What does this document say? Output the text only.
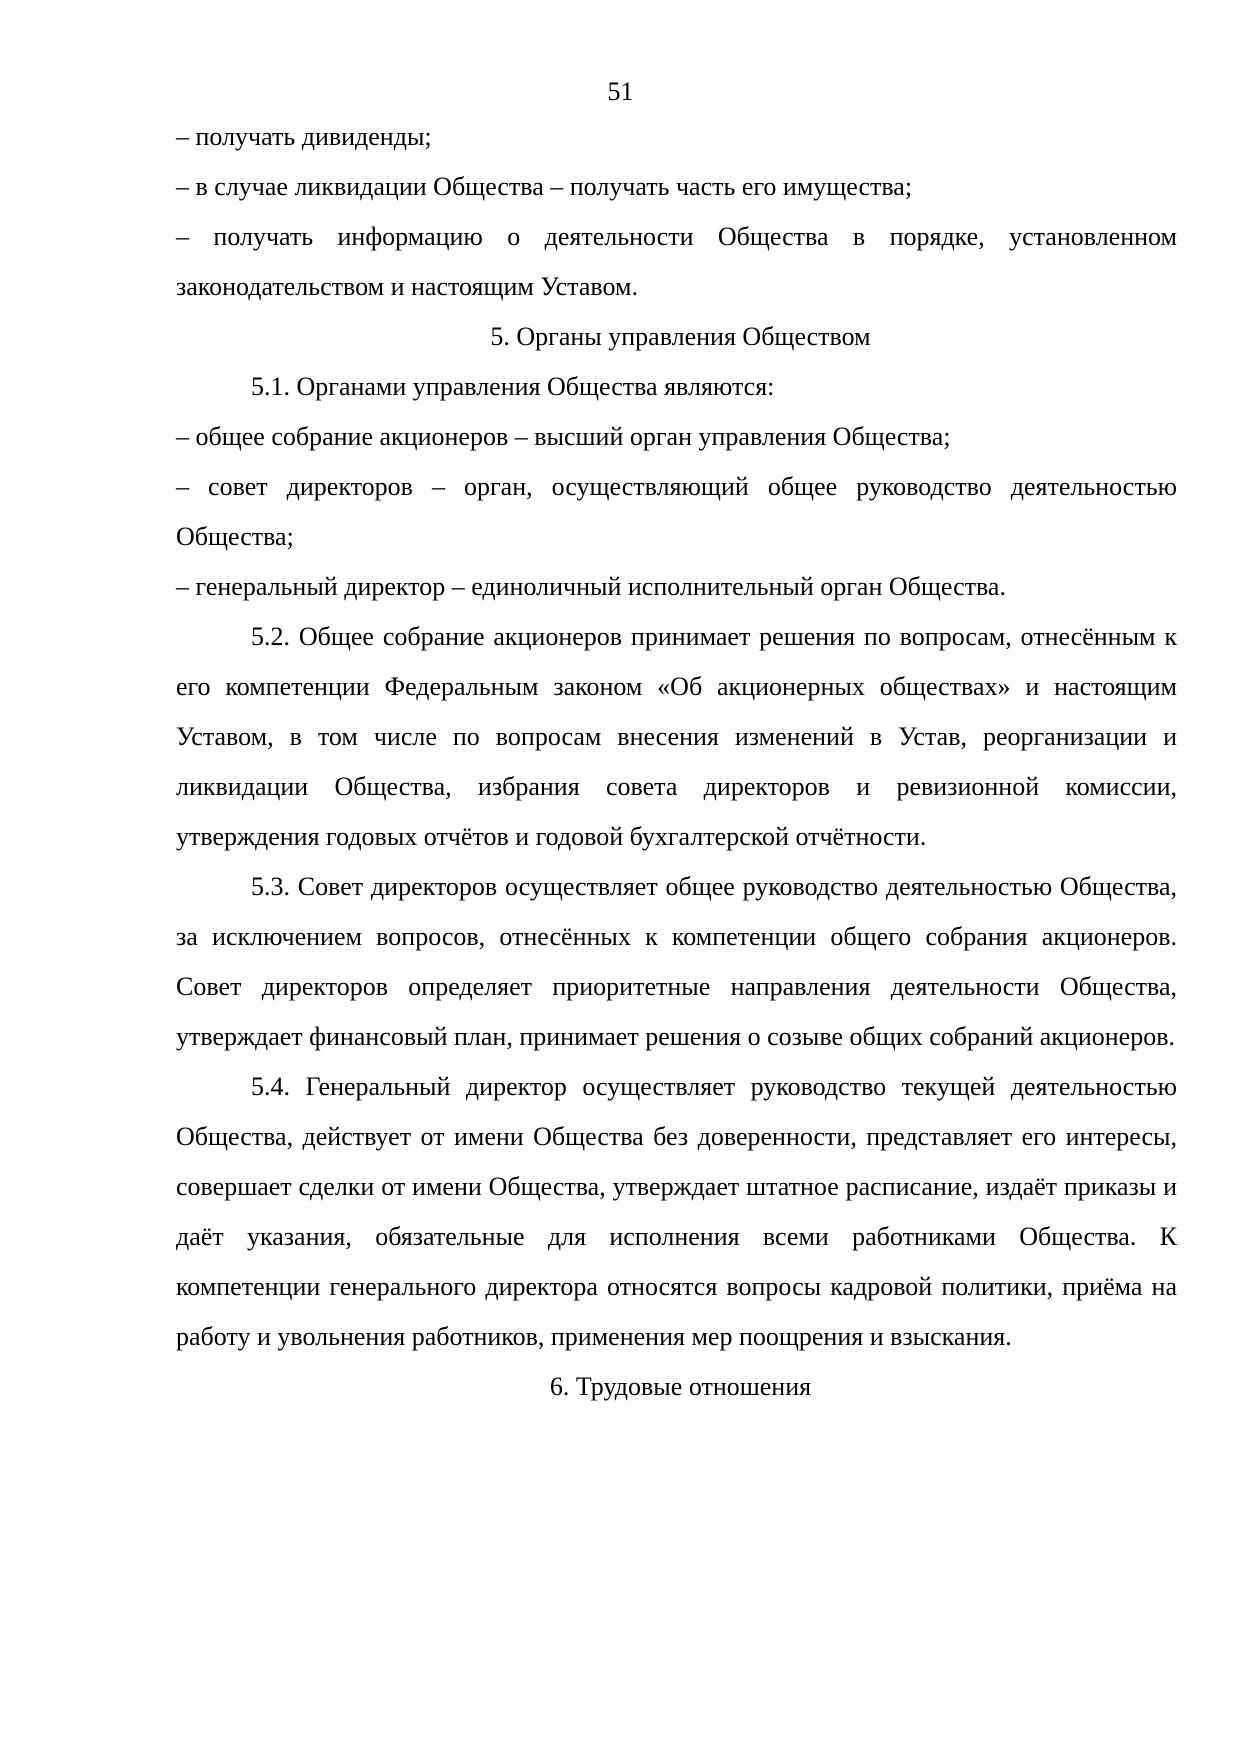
51

– получать дивиденды;

– в случае ликвидации Общества – получать часть его имущества;

– получать информацию о деятельности Общества в порядке, установленном законодательством и настоящим Уставом.

5. Органы управления Обществом

5.1. Органами управления Общества являются:

– общее собрание акционеров – высший орган управления Общества;

– совет директоров – орган, осуществляющий общее руководство деятельностью Общества;

– генеральный директор – единоличный исполнительный орган Общества.

5.2. Общее собрание акционеров принимает решения по вопросам, отнесённым к его компетенции Федеральным законом «Об акционерных обществах» и настоящим Уставом, в том числе по вопросам внесения изменений в Устав, реорганизации и ликвидации Общества, избрания совета директоров и ревизионной комиссии, утверждения годовых отчётов и годовой бухгалтерской отчётности.

5.3. Совет директоров осуществляет общее руководство деятельностью Общества, за исключением вопросов, отнесённых к компетенции общего собрания акционеров. Совет директоров определяет приоритетные направления деятельности Общества, утверждает финансовый план, принимает решения о созыве общих собраний акционеров.

5.4. Генеральный директор осуществляет руководство текущей деятельностью Общества, действует от имени Общества без доверенности, представляет его интересы, совершает сделки от имени Общества, утверждает штатное расписание, издаёт приказы и даёт указания, обязательные для исполнения всеми работниками Общества. К компетенции генерального директора относятся вопросы кадровой политики, приёма на работу и увольнения работников, применения мер поощрения и взыскания.

6. Трудовые отношения
